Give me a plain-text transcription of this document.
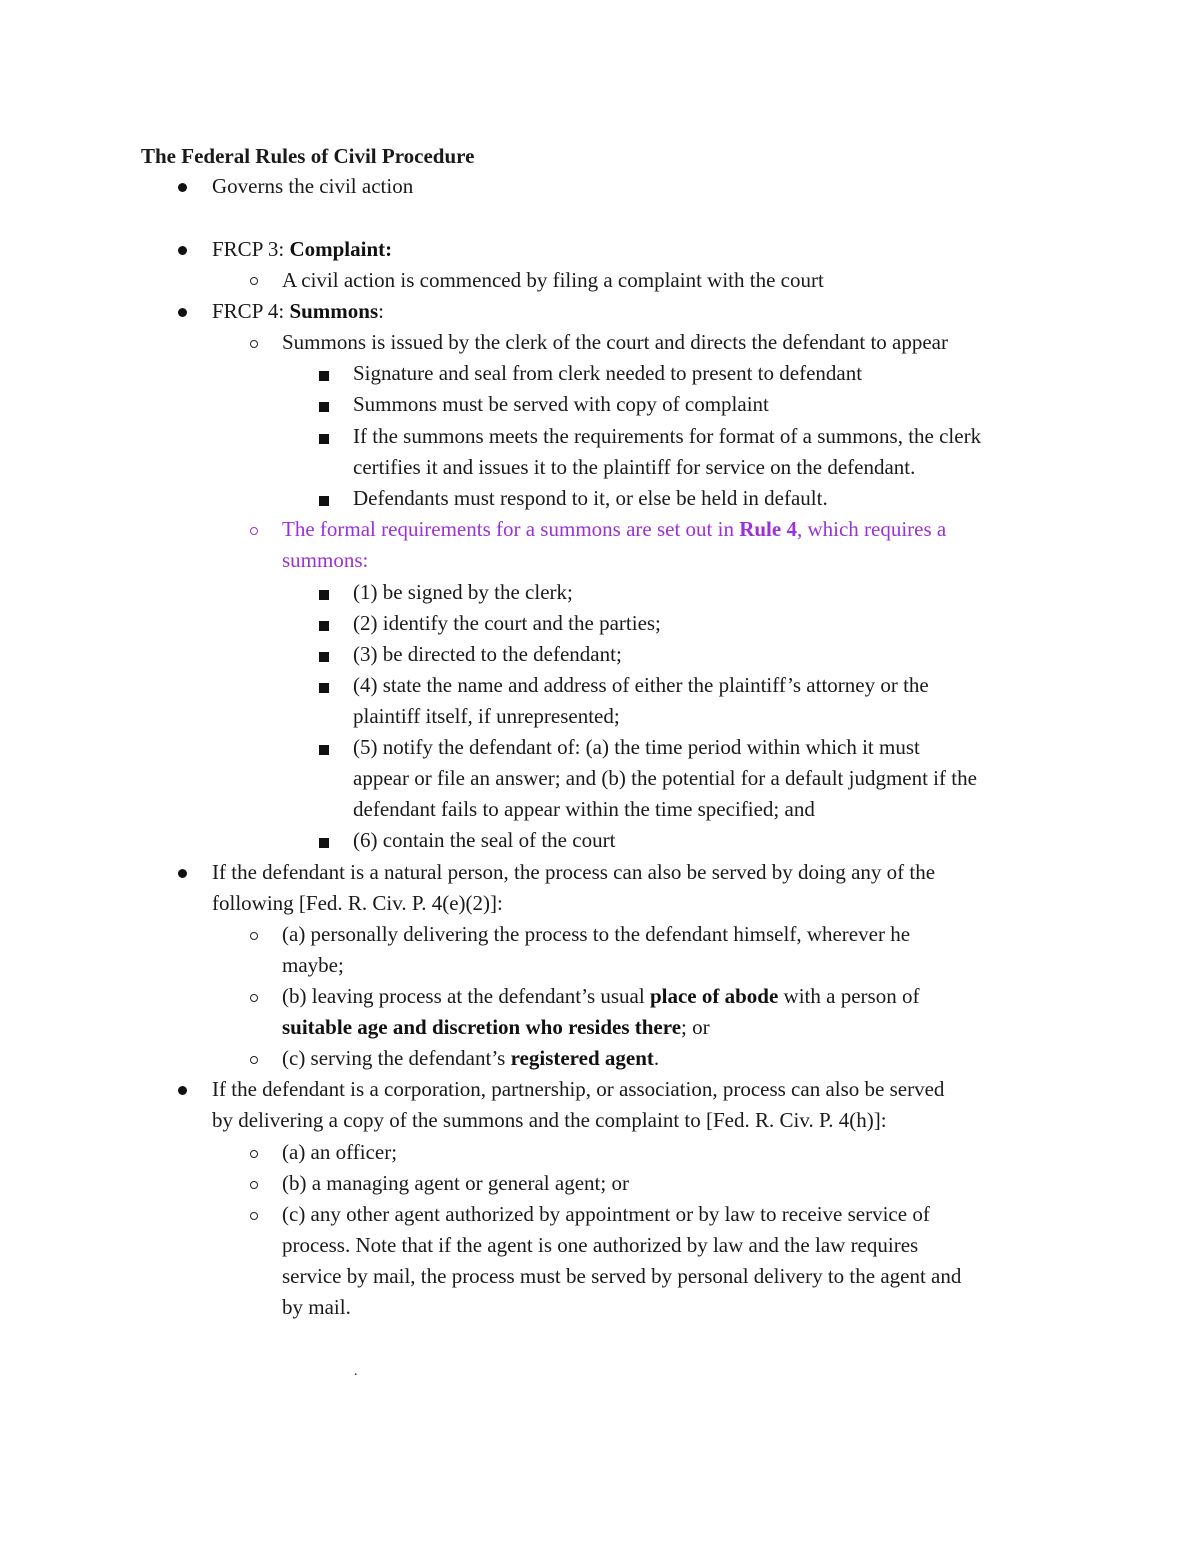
The Federal Rules of Civil Procedure
Governs the civil action
FRCP 3: Complaint:
A civil action is commenced by filing a complaint with the court
FRCP 4: Summons:
Summons is issued by the clerk of the court and directs the defendant to appear
Signature and seal from clerk needed to present to defendant
Summons must be served with copy of complaint
If the summons meets the requirements for format of a summons, the clerk
certifies it and issues it to the plaintiff for service on the defendant.
Defendants must respond to it, or else be held in default.
The formal requirements for a summons are set out in Rule 4, which requires a
summons:
(1) be signed by the clerk;
(2) identify the court and the parties;
(3) be directed to the defendant;
(4) state the name and address of either the plaintiff’s attorney or the
plaintiff itself, if unrepresented;
(5) notify the defendant of: (a) the time period within which it must
appear or file an answer; and (b) the potential for a default judgment if the
defendant fails to appear within the time specified; and
(6) contain the seal of the court
If the defendant is a natural person, the process can also be served by doing any of the
following [Fed. R. Civ. P. 4(e)(2)]:
(a) personally delivering the process to the defendant himself, wherever he
maybe;
(b) leaving process at the defendant’s usual place of abode with a person of
suitable age and discretion who resides there; or
(c) serving the defendant’s registered agent.
If the defendant is a corporation, partnership, or association, process can also be served
by delivering a copy of the summons and the complaint to [Fed. R. Civ. P. 4(h)]:
(a) an officer;
(b) a managing agent or general agent; or
(c) any other agent authorized by appointment or by law to receive service of
process. Note that if the agent is one authorized by law and the law requires
service by mail, the process must be served by personal delivery to the agent and
by mail.
.
